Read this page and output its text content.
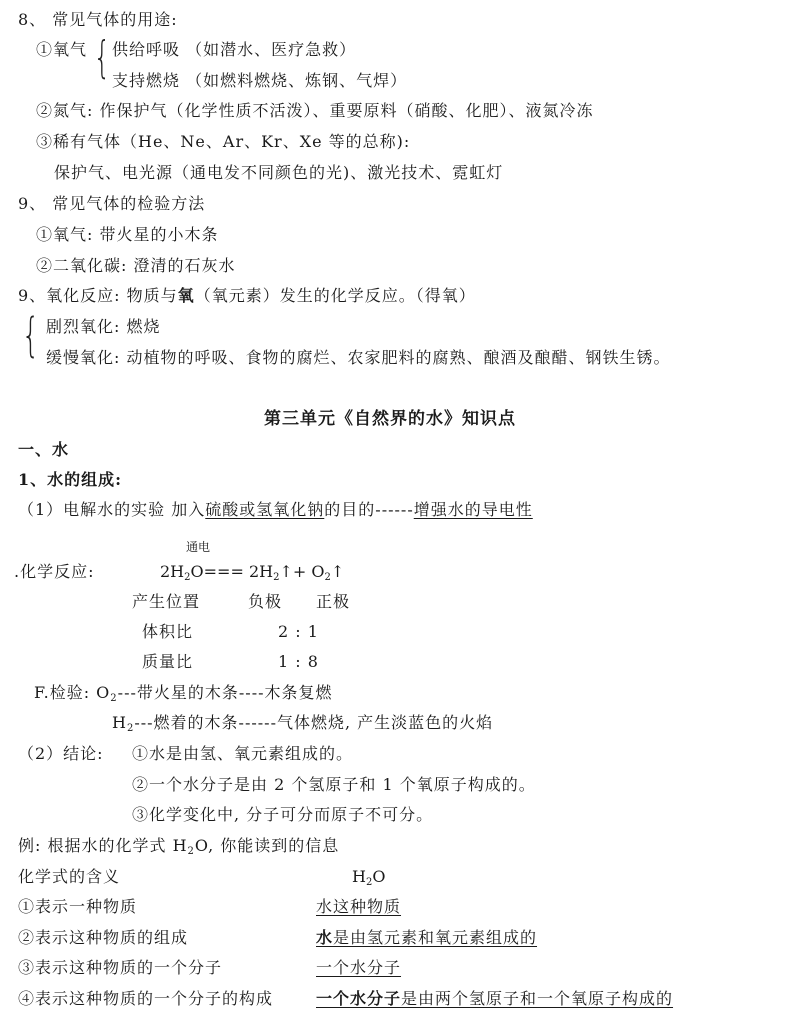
8、 常见气体的用途:
①氧气 { 供给呼吸 （如潜水、医疗急救）
支持燃烧 （如燃料燃烧、炼钢、气焊）
②氮气: 作保护气（化学性质不活泼）、重要原料（硝酸、化肥）、液氮冷冻
③稀有气体（He、Ne、Ar、Kr、Xe 等的总称):
保护气、电光源（通电发不同颜色的光)、激光技术、霓虹灯
9、 常见气体的检验方法
①氧气: 带火星的小木条
②二氧化碳: 澄清的石灰水
9、氧化反应: 物质与氧（氧元素）发生的化学反应。（得氧）
{ 剧烈氧化: 燃烧
缓慢氧化: 动植物的呼吸、食物的腐烂、农家肥料的腐熟、酿酒及酿醋、钢铁生锈。
第三单元《自然界的水》知识点
一、水
1、水的组成:
（1）电解水的实验 加入硫酸或氢氧化钠的目的------增强水的导电性
通电
.化学反应:	$2H_2O===$ $2H_2↑+$ $O_2↑$
产生位置	负极 正极
体积比	2 : 1
质量比	1 : 8
F.检验: $O_2---$带火星的木条----木条复燃
$H_2---$燃着的木条------气体燃烧, 产生淡蓝色的火焰
（2）结论: ①水是由氢、氧元素组成的。
②一个水分子是由 2 个氢原子和 1 个氧原子构成的。
③化学变化中, 分子可分而原子不可分。
例: 根据水的化学式 $H_2O$, 你能读到的信息
化学式的含义	$H_2O$
①表示一种物质	水这种物质
②表示这种物质的组成	水是由氢元素和氧元素组成的
③表示这种物质的一个分子	一个水分子
④表示这种物质的一个分子的构成	一个水分子是由两个氢原子和一个氧原子构成的
